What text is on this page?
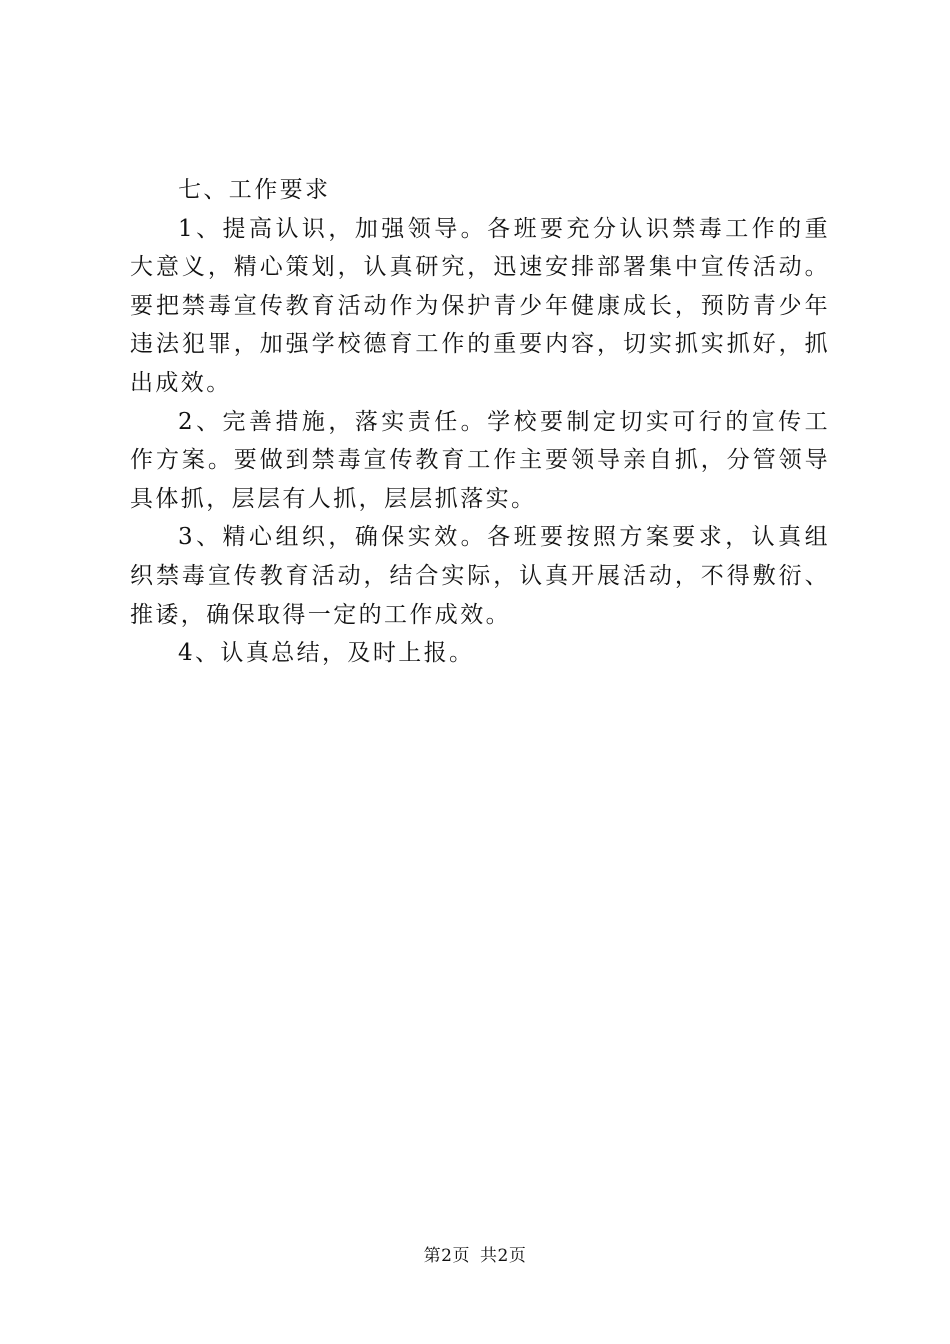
七、工作要求

1、提高认识，加强领导。各班要充分认识禁毒工作的重大意义，精心策划，认真研究，迅速安排部署集中宣传活动。要把禁毒宣传教育活动作为保护青少年健康成长，预防青少年违法犯罪，加强学校德育工作的重要内容，切实抓实抓好，抓出成效。

2、完善措施，落实责任。学校要制定切实可行的宣传工作方案。要做到禁毒宣传教育工作主要领导亲自抓，分管领导具体抓，层层有人抓，层层抓落实。

3、精心组织，确保实效。各班要按照方案要求，认真组织禁毒宣传教育活动，结合实际，认真开展活动，不得敷衍、推诿，确保取得一定的工作成效。

4、认真总结，及时上报。

第2页 共2页
